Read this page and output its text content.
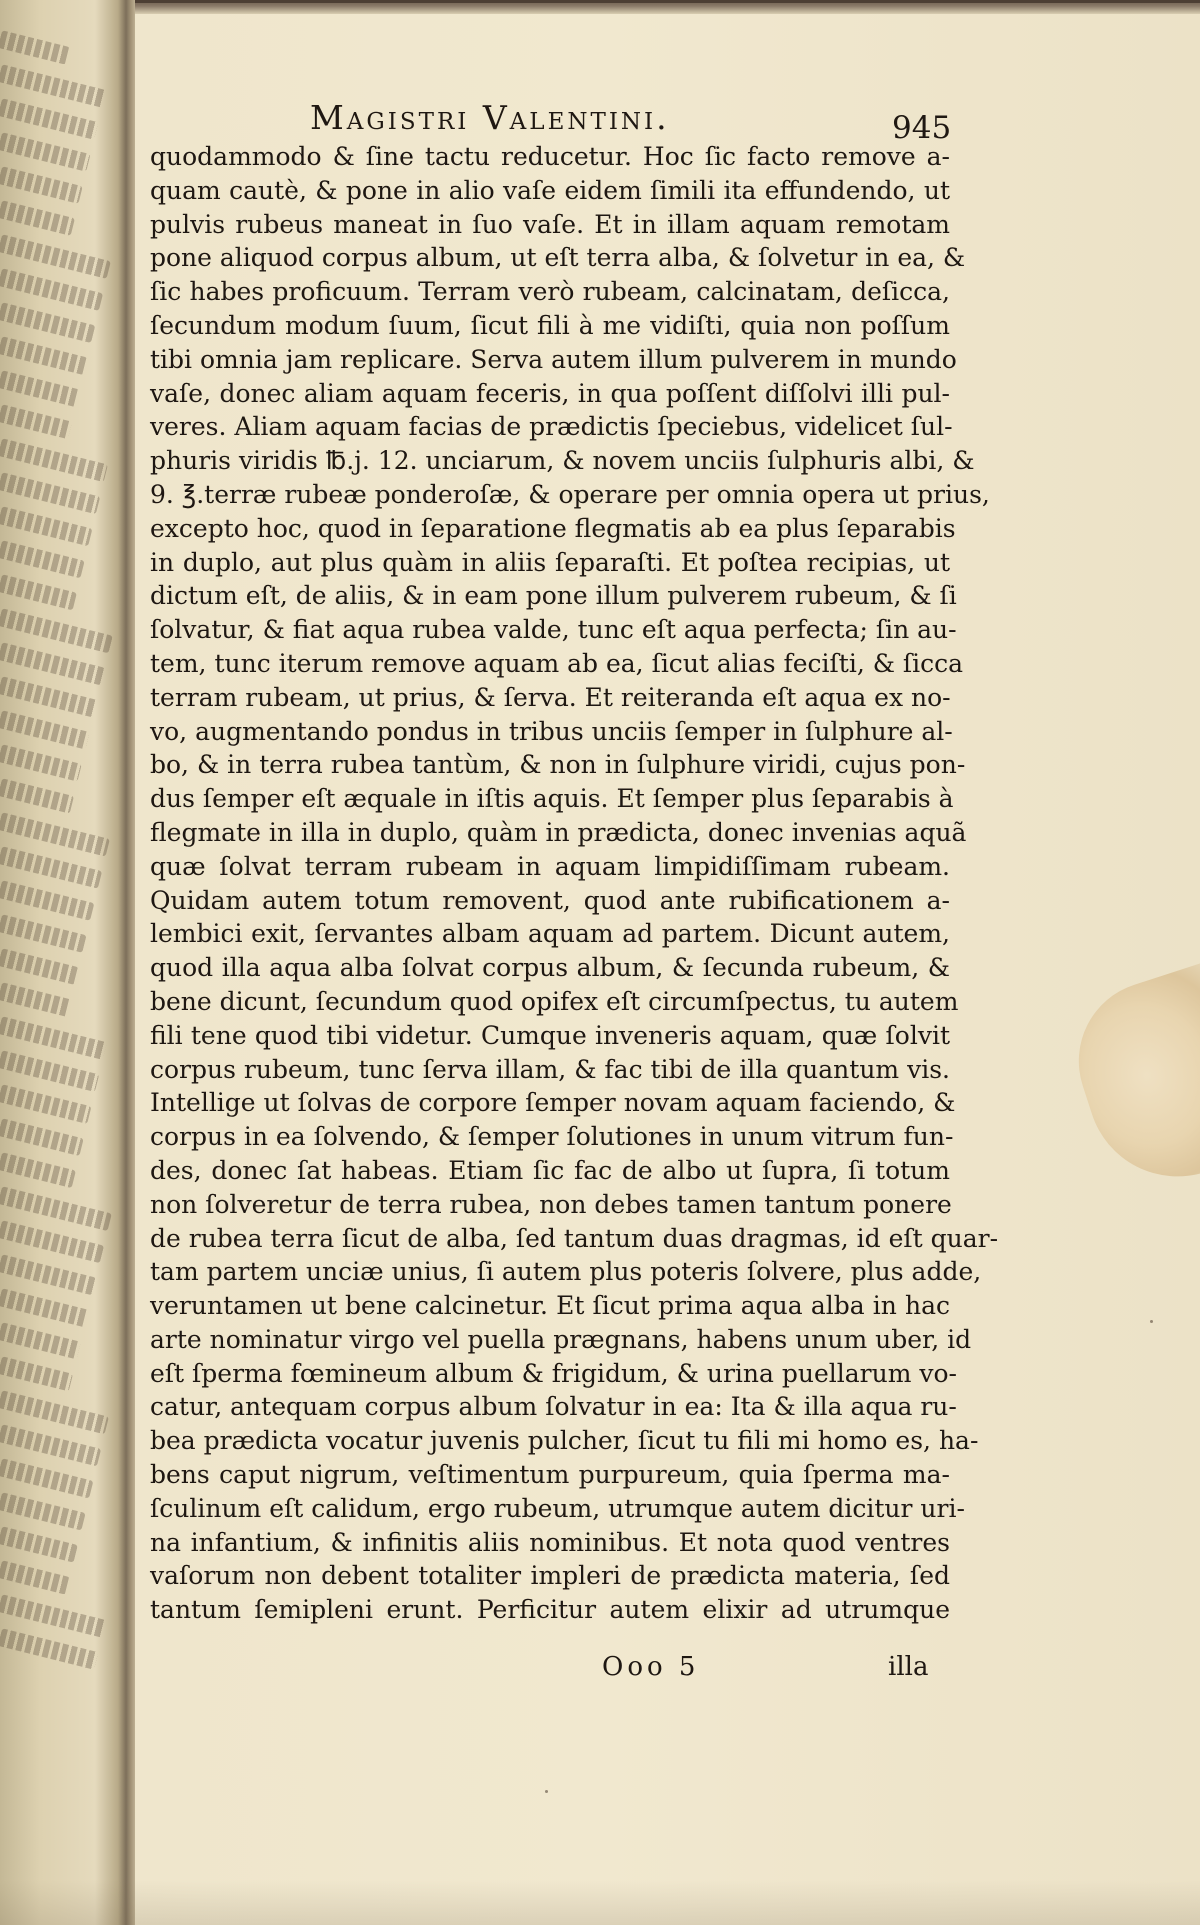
Magistri Valentini.	945
quodammodo & ſine tactu reducetur. Hoc ſic facto remove a-
quam cautè, & pone in alio vaſe eidem ſimili ita effundendo, ut
pulvis rubeus maneat in ſuo vaſe. Et in illam aquam remotam
pone aliquod corpus album, ut eſt terra alba, & ſolvetur in ea, &
ſic habes proficuum. Terram verò rubeam, calcinatam, deſicca,
ſecundum modum ſuum, ſicut fili à me vidiſti, quia non poſſum
tibi omnia jam replicare. Serva autem illum pulverem in mundo
vaſe, donec aliam aquam feceris, in qua poſſent diſſolvi illi pul-
veres. Aliam aquam facias de prædictis ſpeciebus, videlicet ſul-
phuris viridis ℔.j. 12. unciarum, & novem unciis ſulphuris albi, &
9. ℥.terræ rubeæ ponderoſæ, & operare per omnia opera ut prius,
excepto hoc, quod in ſeparatione flegmatis ab ea plus ſeparabis
in duplo, aut plus quàm in aliis ſeparaſti. Et poſtea recipias, ut
dictum eſt, de aliis, & in eam pone illum pulverem rubeum, & ſi
ſolvatur, & fiat aqua rubea valde, tunc eſt aqua perfecta; ſin au-
tem, tunc iterum remove aquam ab ea, ſicut alias feciſti, & ſicca
terram rubeam, ut prius, & ſerva. Et reiteranda eſt aqua ex no-
vo, augmentando pondus in tribus unciis ſemper in ſulphure al-
bo, & in terra rubea tantùm, & non in ſulphure viridi, cujus pon-
dus ſemper eſt æquale in iſtis aquis. Et ſemper plus ſeparabis à
flegmate in illa in duplo, quàm in prædicta, donec invenias aquã
quæ ſolvat terram rubeam in aquam limpidiſſimam rubeam.
Quidam autem totum removent, quod ante rubificationem a-
lembici exit, ſervantes albam aquam ad partem. Dicunt autem,
quod illa aqua alba ſolvat corpus album, & ſecunda rubeum, &
bene dicunt, ſecundum quod opifex eſt circumſpectus, tu autem
fili tene quod tibi videtur. Cumque inveneris aquam, quæ ſolvit
corpus rubeum, tunc ſerva illam, & fac tibi de illa quantum vis.
Intellige ut ſolvas de corpore ſemper novam aquam faciendo, &
corpus in ea ſolvendo, & ſemper ſolutiones in unum vitrum fun-
des, donec ſat habeas. Etiam ſic fac de albo ut ſupra, ſi totum
non ſolveretur de terra rubea, non debes tamen tantum ponere
de rubea terra ſicut de alba, ſed tantum duas dragmas, id eſt quar-
tam partem unciæ unius, ſi autem plus poteris ſolvere, plus adde,
veruntamen ut bene calcinetur. Et ſicut prima aqua alba in hac
arte nominatur virgo vel puella prægnans, habens unum uber, id
eſt ſperma fœmineum album & frigidum, & urina puellarum vo-
catur, antequam corpus album ſolvatur in ea: Ita & illa aqua ru-
bea prædicta vocatur juvenis pulcher, ſicut tu fili mi homo es, ha-
bens caput nigrum, veſtimentum purpureum, quia ſperma ma-
ſculinum eſt calidum, ergo rubeum, utrumque autem dicitur uri-
na infantium, & infinitis aliis nominibus. Et nota quod ventres
vaſorum non debent totaliter impleri de prædicta materia, ſed
tantum ſemipleni erunt. Perficitur autem elixir ad utrumque
Ooo 5	illa
